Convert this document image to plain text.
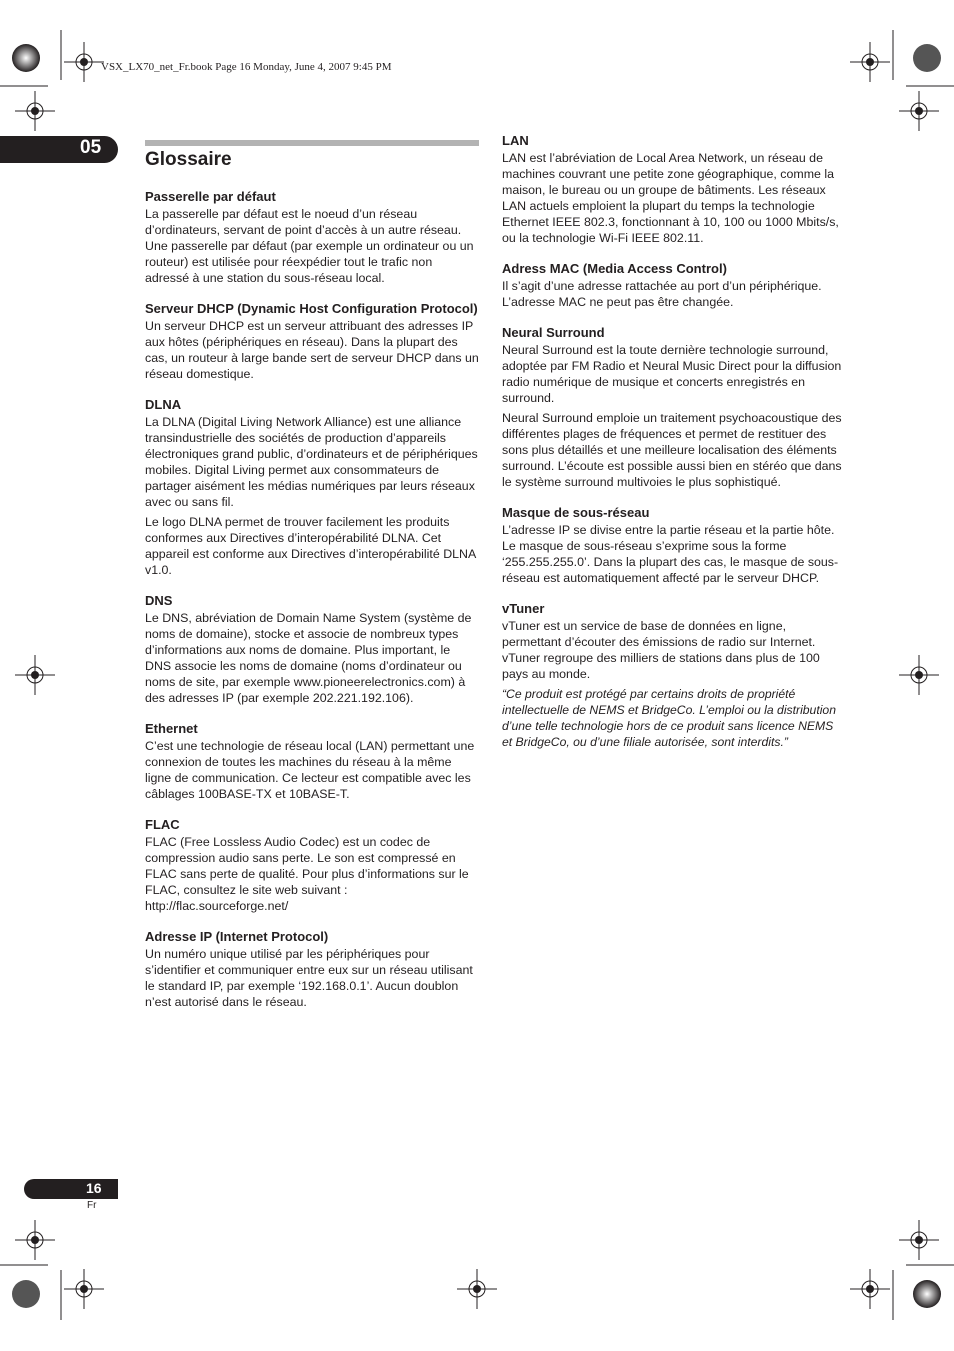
VSX_LX70_net_Fr.book Page 16 Monday, June 4, 2007 9:45 PM
05
Glossaire
Passerelle par défaut
La passerelle par défaut est le noeud d’un réseau d’ordinateurs, servant de point d’accès à un autre réseau. Une passerelle par défaut (par exemple un ordinateur ou un routeur) est utilisée pour réexpédier tout le trafic non adressé à une station du sous-réseau local.
Serveur DHCP (Dynamic Host Configuration Protocol)
Un serveur DHCP est un serveur attribuant des adresses IP aux hôtes (périphériques en réseau). Dans la plupart des cas, un routeur à large bande sert de serveur DHCP dans un réseau domestique.
DLNA
La DLNA (Digital Living Network Alliance) est une alliance transindustrielle des sociétés de production d’appareils électroniques grand public, d’ordinateurs et de périphériques mobiles. Digital Living permet aux consommateurs de partager aisément les médias numériques par leurs réseaux avec ou sans fil.
Le logo DLNA permet de trouver facilement les produits conformes aux Directives d’interopérabilité DLNA. Cet appareil est conforme aux Directives d’interopérabilité DLNA v1.0.
DNS
Le DNS, abréviation de Domain Name System (système de noms de domaine), stocke et associe de nombreux types d’informations aux noms de domaine. Plus important, le DNS associe les noms de domaine (noms d’ordinateur ou noms de site, par exemple www.pioneerelectronics.com) à des adresses IP (par exemple 202.221.192.106).
Ethernet
C’est une technologie de réseau local (LAN) permettant une connexion de toutes les machines du réseau à la même ligne de communication. Ce lecteur est compatible avec les câblages 100BASE-TX et 10BASE-T.
FLAC
FLAC (Free Lossless Audio Codec) est un codec de compression audio sans perte. Le son est compressé en FLAC sans perte de qualité. Pour plus d’informations sur le FLAC, consultez le site web suivant : http://flac.sourceforge.net/
Adresse IP (Internet Protocol)
Un numéro unique utilisé par les périphériques pour s’identifier et communiquer entre eux sur un réseau utilisant le standard IP, par exemple ‘192.168.0.1’. Aucun doublon n’est autorisé dans le réseau.
LAN
LAN est l’abréviation de Local Area Network, un réseau de machines couvrant une petite zone géographique, comme la maison, le bureau ou un groupe de bâtiments. Les réseaux LAN actuels emploient la plupart du temps la technologie Ethernet IEEE 802.3, fonctionnant à 10, 100 ou 1000 Mbits/s, ou la technologie Wi-Fi IEEE 802.11.
Adress MAC (Media Access Control)
Il s’agit d’une adresse rattachée au port d’un périphérique. L’adresse MAC ne peut pas être changée.
Neural Surround
Neural Surround est la toute dernière technologie surround, adoptée par FM Radio et Neural Music Direct pour la diffusion radio numérique de musique et concerts enregistrés en surround.
Neural Surround emploie un traitement psychoacoustique des différentes plages de fréquences et permet de restituer des sons plus détaillés et une meilleure localisation des éléments surround. L’écoute est possible aussi bien en stéréo que dans le système surround multivoies le plus sophistiqué.
Masque de sous-réseau
L’adresse IP se divise entre la partie réseau et la partie hôte. Le masque de sous-réseau s’exprime sous la forme ‘255.255.255.0’. Dans la plupart des cas, le masque de sous-réseau est automatiquement affecté par le serveur DHCP.
vTuner
vTuner est un service de base de données en ligne, permettant d’écouter des émissions de radio sur Internet. vTuner regroupe des milliers de stations dans plus de 100 pays au monde.
“Ce produit est protégé par certains droits de propriété intellectuelle de NEMS et BridgeCo. L’emploi ou la distribution d’une telle technologie hors de ce produit sans licence NEMS et BridgeCo, ou d’une filiale autorisée, sont interdits.”
16
Fr
